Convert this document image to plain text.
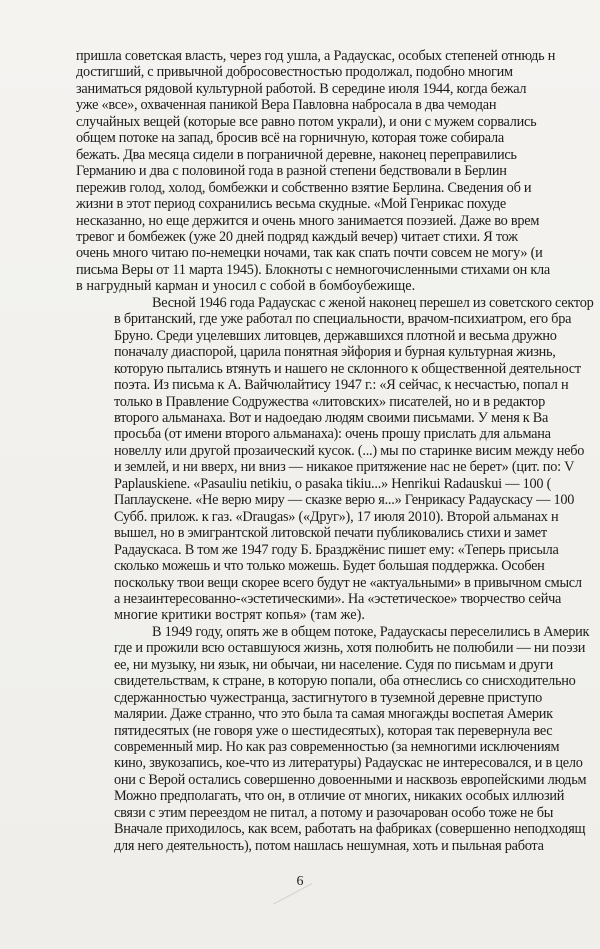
пришла советская власть, через год ушла, а Радаускас, особых степеней отнюдь н
достигший, с привычной добросовестностью продолжал, подобно многим
заниматься рядовой культурной работой. В середине июля 1944, когда бежал
уже «все», охваченная паникой Вера Павловна набросала в два чемодан
случайных вещей (которые все равно потом украли), и они с мужем сорвались
общем потоке на запад, бросив всё на горничную, которая тоже собирала
бежать. Два месяца сидели в пограничной деревне, наконец переправились
Германию и два с половиной года в разной степени бедствовали в Берлин
пережив голод, холод, бомбежки и собственно взятие Берлина. Сведения об и
жизни в этот период сохранились весьма скудные. «Мой Генрикас похуде
несказанно, но еще держится и очень много занимается поэзией. Даже во врем
тревог и бомбежек (уже 20 дней подряд каждый вечер) читает стихи. Я тож
очень много читаю по-немецки ночами, так как спать почти совсем не могу» (и
письма Веры от 11 марта 1945). Блокноты с немногочисленными стихами он кла
в нагрудный карман и уносил с собой в бомбоубежище.

Весной 1946 года Радаускас с женой наконец перешел из советского сектор
в британский, где уже работал по специальности, врачом-психиатром, его бра
Бруно. Среди уцелевших литовцев, державшихся плотной и весьма дружно
поначалу диаспорой, царила понятная эйфория и бурная культурная жизнь,
которую пытались втянуть и нашего не склонного к общественной деятельност
поэта. Из письма к А. Вайчюлайтису 1947 г.: «Я сейчас, к несчастью, попал н
только в Правление Содружества «литовских» писателей, но и в редактор
второго альманаха. Вот и надоедаю людям своими письмами. У меня к Ва
просьба (от имени второго альманаха): очень прошу прислать для альмана
новеллу или другой прозаический кусок. (...) мы по старинке висим между небо
и землей, и ни вверх, ни вниз — никакое притяжение нас не берет» (цит. по: V
Paplauskiene. «Pasauliu netikiu, o pasaka tikiu...» Henrikui Radauskui — 100 (
Паплаускене. «Не верю миру — сказке верю я...» Генрикасу Радаускасу — 100
Субб. прилож. к газ. «Draugas» («Друг»), 17 июля 2010). Второй альманах н
вышел, но в эмигрантской литовской печати публиковались стихи и замет
Радаускаса. В том же 1947 году Б. Бразджёнис пишет ему: «Теперь присыла
сколько можешь и что только можешь. Будет большая поддержка. Особен
поскольку твои вещи скорее всего будут не «актуальными» в привычном смысл
а незаинтересованно-«эстетическими». На «эстетическое» творчество сейча
многие критики вострят копья» (там же).

В 1949 году, опять же в общем потоке, Радаускасы переселились в Америк
где и прожили всю оставшуюся жизнь, хотя полюбить не полюбили — ни поэзи
ее, ни музыку, ни язык, ни обычаи, ни население. Судя по письмам и други
свидетельствам, к стране, в которую попали, оба отнеслись со снисходительно
сдержанностью чужестранца, застигнутого в туземной деревне приступо
малярии. Даже странно, что это была та самая многажды воспетая Америк
пятидесятых (не говоря уже о шестидесятых), которая так перевернула вес
современный мир. Но как раз современностью (за немногими исключениям
кино, звукозапись, кое-что из литературы) Радаускас не интересовался, и в цело
они с Верой остались совершенно довоенными и насквозь европейскими людьм
Можно предполагать, что он, в отличие от многих, никаких особых иллюзий
связи с этим переездом не питал, а потому и разочарован особо тоже не бы
Вначале приходилось, как всем, работать на фабриках (совершенно неподходящ
для него деятельность), потом нашлась нешумная, хоть и пыльная работа

6
